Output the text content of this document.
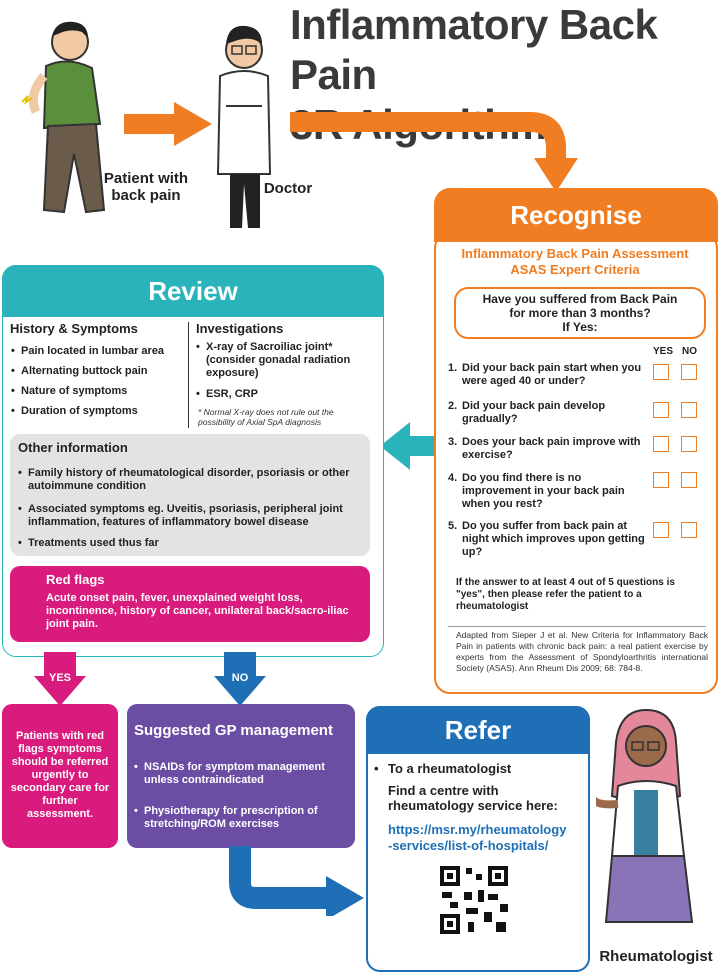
Inflammatory Back Pain
3R Algorithm
Patient with back pain	Doctor
Recognise
Inflammatory Back Pain Assessment
ASAS Expert Criteria
Have you suffered from Back Pain
for more than 3 months?
If Yes:
YES NO
1. Did your back pain start when you were aged 40 or under?
2. Did your back pain develop gradually?
3. Does your back pain improve with exercise?
4. Do you find there is no improvement in your back pain when you rest?
5. Do you suffer from back pain at night which improves upon getting up?
If the answer to at least 4 out of 5 questions is "yes", then please refer the patient to a rheumatologist
Adapted from Sieper J et al. New Criteria for Inflammatory Back Pain in patients with chronic back pain: a real patient exercise by experts from the Assessment of Spondyloarthritis international Society (ASAS). Ann Rheum Dis 2009; 68: 784-8.
Review
History & Symptoms
• Pain located in lumbar area
• Alternating buttock pain
• Nature of symptoms
• Duration of symptoms
Investigations
• X-ray of Sacroiliac joint* (consider gonadal radiation exposure)
• ESR, CRP
* Normal X-ray does not rule out the possibility of Axial SpA diagnosis
Other information
• Family history of rheumatological disorder, psoriasis or other autoimmune condition
• Associated symptoms eg. Uveitis, psoriasis, peripheral joint inflammation, features of inflammatory bowel disease
• Treatments used thus far
Red flags
Acute onset pain, fever, unexplained weight loss, incontinence, history of cancer, unilateral back/sacro-iliac joint pain.
YES	NO
Patients with red flags symptoms should be referred urgently to secondary care for further assessment.
Suggested GP management
• NSAIDs for symptom management unless contraindicated
• Physiotherapy for prescription of stretching/ROM exercises
Refer
• To a rheumatologist
Find a centre with rheumatology service here:
https://msr.my/rheumatology
-services/list-of-hospitals/
Rheumatologist
